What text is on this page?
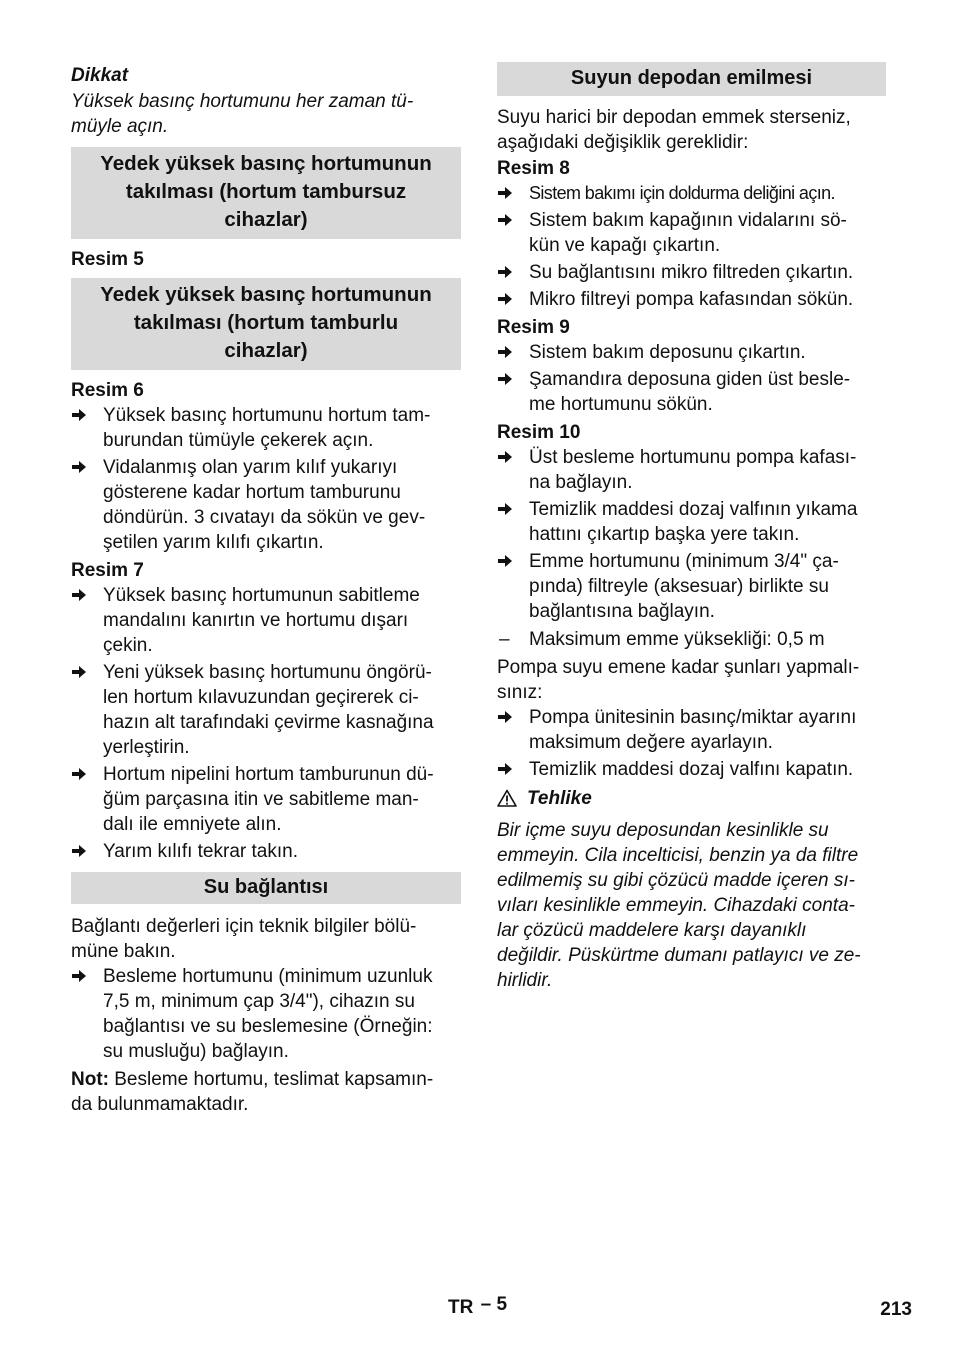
Dikkat
Yüksek basınç hortumunu her zaman tü-
müyle açın.
Yedek yüksek basınç hortumunun
takılması (hortum tambursuz
cihazlar)
Resim 5
Yedek yüksek basınç hortumunun
takılması (hortum tamburlu
cihazlar)
Resim 6
Yüksek basınç hortumunu hortum tam-
burundan tümüyle çekerek açın.
Vidalanmış olan yarım kılıf yukarıyı
gösterene kadar hortum tamburunu
döndürün. 3 cıvatayı da sökün ve gev-
şetilen yarım kılıfı çıkartın.
Resim 7
Yüksek basınç hortumunun sabitleme
mandalını kanırtın ve hortumu dışarı
çekin.
Yeni yüksek basınç hortumunu öngörü-
len hortum kılavuzundan geçirerek ci-
hazın alt tarafındaki çevirme kasnağına
yerleştirin.
Hortum nipelini hortum tamburunun dü-
ğüm parçasına itin ve sabitleme man-
dalı ile emniyete alın.
Yarım kılıfı tekrar takın.
Su bağlantısı
Bağlantı değerleri için teknik bilgiler bölü-
müne bakın.
Besleme hortumunu (minimum uzunluk
7,5 m, minimum çap 3/4"), cihazın su
bağlantısı ve su beslemesine (Örneğin:
su musluğu) bağlayın.
Not: Besleme hortumu, teslimat kapsamın-
da bulunmamaktadır.
Suyun depodan emilmesi
Suyu harici bir depodan emmek sterseniz,
aşağıdaki değişiklik gereklidir:
Resim 8
Sistem bakımı için doldurma deliğini açın.
Sistem bakım kapağının vidalarını sö-
kün ve kapağı çıkartın.
Su bağlantısını mikro filtreden çıkartın.
Mikro filtreyi pompa kafasından sökün.
Resim 9
Sistem bakım deposunu çıkartın.
Şamandıra deposuna giden üst besle-
me hortumunu sökün.
Resim 10
Üst besleme hortumunu pompa kafası-
na bağlayın.
Temizlik maddesi dozaj valfının yıkama
hattını çıkartıp başka yere takın.
Emme hortumunu (minimum 3/4" ça-
pında) filtreyle (aksesuar) birlikte su
bağlantısına bağlayın.
–	Maksimum emme yüksekliği: 0,5 m
Pompa suyu emene kadar şunları yapmalı-
sınız:
Pompa ünitesinin basınç/miktar ayarını
maksimum değere ayarlayın.
Temizlik maddesi dozaj valfını kapatın.
Tehlike
Bir içme suyu deposundan kesinlikle su
emmeyin. Cila incelticisi, benzin ya da filtre
edilmemiş su gibi çözücü madde içeren sı-
vıları kesinlikle emmeyin. Cihazdaki conta-
lar çözücü maddelere karşı dayanıklı
değildir. Püskürtme dumanı patlayıcı ve ze-
hirlidir.
TR – 5	213
